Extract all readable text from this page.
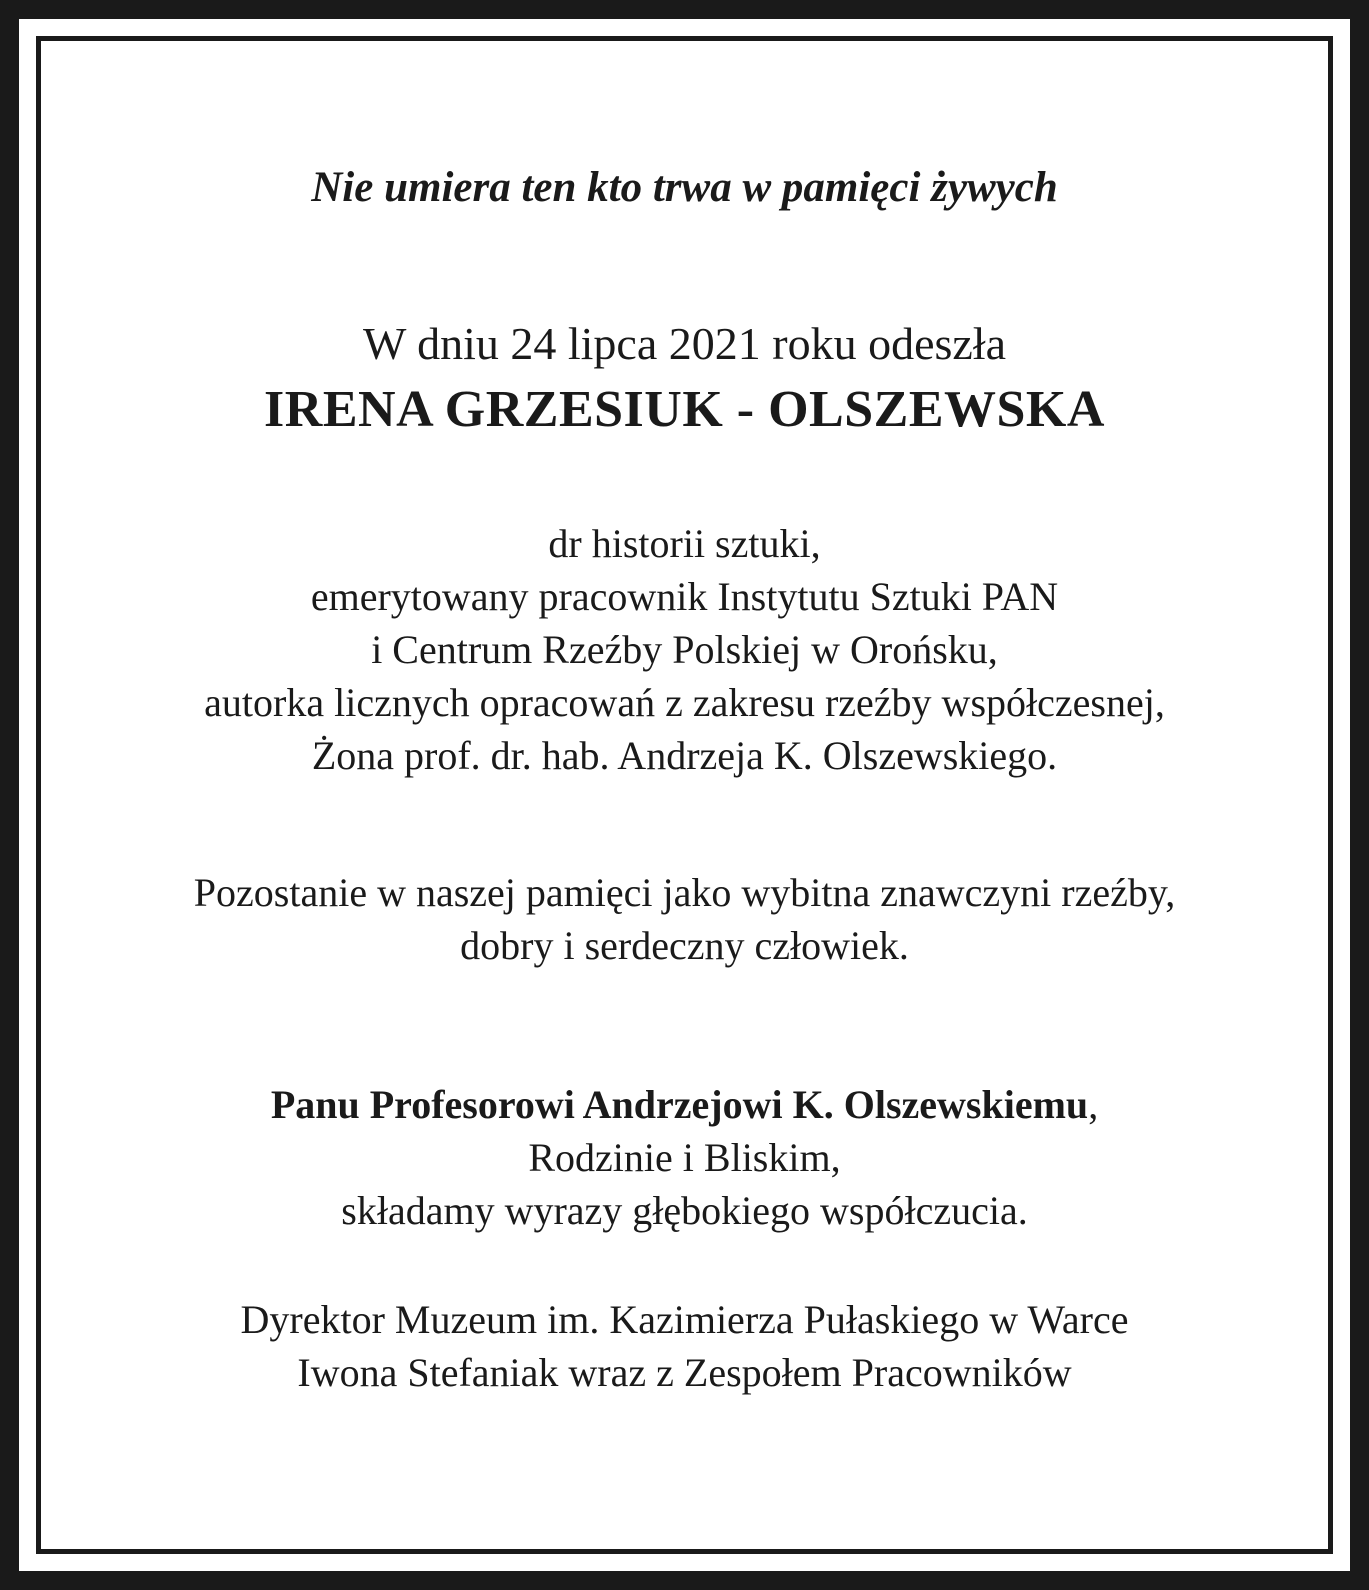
Nie umiera ten kto trwa w pamięci żywych
W dniu 24 lipca 2021 roku odeszła
IRENA GRZESIUK - OLSZEWSKA
dr historii sztuki,
emerytowany pracownik Instytutu Sztuki PAN
i Centrum Rzeźby Polskiej w Orońsku,
autorka licznych opracowań z zakresu rzeźby współczesnej,
Żona prof. dr. hab. Andrzeja K. Olszewskiego.
Pozostanie w naszej pamięci jako wybitna znawczyni rzeźby,
dobry i serdeczny człowiek.
Panu Profesorowi Andrzejowi K. Olszewskiemu,
Rodzinie i Bliskim,
składamy wyrazy głębokiego współczucia.
Dyrektor Muzeum im. Kazimierza Pułaskiego w Warce
Iwona Stefaniak wraz z Zespołem Pracowników
